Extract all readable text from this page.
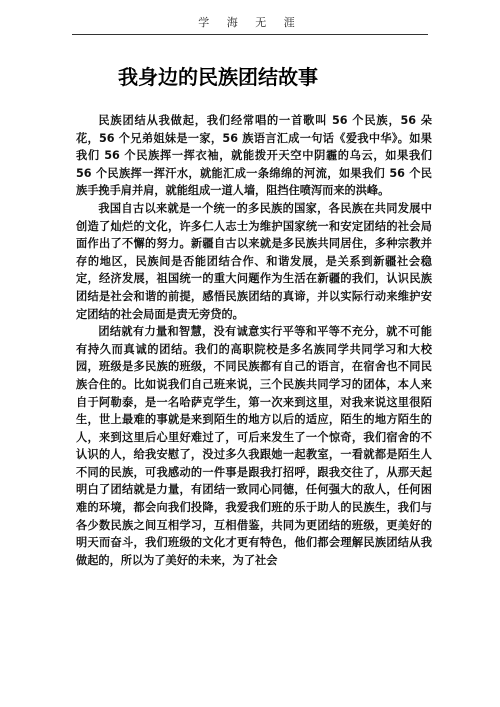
学 海 无 涯
我身边的民族团结故事

民族团结从我做起，我们经常唱的一首歌叫 56 个民族，56 朵花，56 个兄弟姐妹是一家，56 族语言汇成一句话《爱我中华》。如果我们 56 个民族挥一挥衣袖，就能拨开天空中阴霾的乌云，如果我们 56 个民族挥一挥汗水，就能汇成一条绵绵的河流，如果我们 56 个民族手挽手肩并肩，就能组成一道人墙，阻挡住喷泻而来的洪峰。

我国自古以来就是一个统一的多民族的国家，各民族在共同发展中创造了灿烂的文化，许多仁人志士为维护国家统一和安定团结的社会局面作出了不懈的努力。新疆自古以来就是多民族共同居住，多种宗教并存的地区，民族间是否能团结合作、和谐发展，是关系到新疆社会稳定，经济发展，祖国统一的重大问题作为生活在新疆的我们，认识民族团结是社会和谐的前提，感悟民族团结的真谛，并以实际行动来维护安定团结的社会局面是责无旁贷的。

团结就有力量和智慧，没有诚意实行平等和平等不充分，就不可能有持久而真诚的团结。我们的高职院校是多名族同学共同学习和大校园，班级是多民族的班级，不同民族都有自己的语言，在宿舍也不同民族合住的。比如说我们自己班来说，三个民族共同学习的团体，本人来自于阿勒泰，是一名哈萨克学生，第一次来到这里，对我来说这里很陌生，世上最难的事就是来到陌生的地方以后的适应，陌生的地方陌生的人，来到这里后心里好难过了，可后来发生了一个惊奇，我们宿舍的不认识的人，给我安慰了，没过多久我跟她一起教室，一看就都是陌生人不同的民族，可我感动的一件事是跟我打招呼，跟我交往了，从那天起明白了团结就是力量，有团结一致同心同德，任何强大的敌人，任何困难的环境，都会向我们投降，我爱我们班的乐于助人的民族生，我们与各少数民族之间互相学习，互相借鉴，共同为更团结的班级，更美好的明天而奋斗，我们班级的文化才更有特色，他们都会理解民族团结从我做起的，所以为了美好的未来，为了社会
